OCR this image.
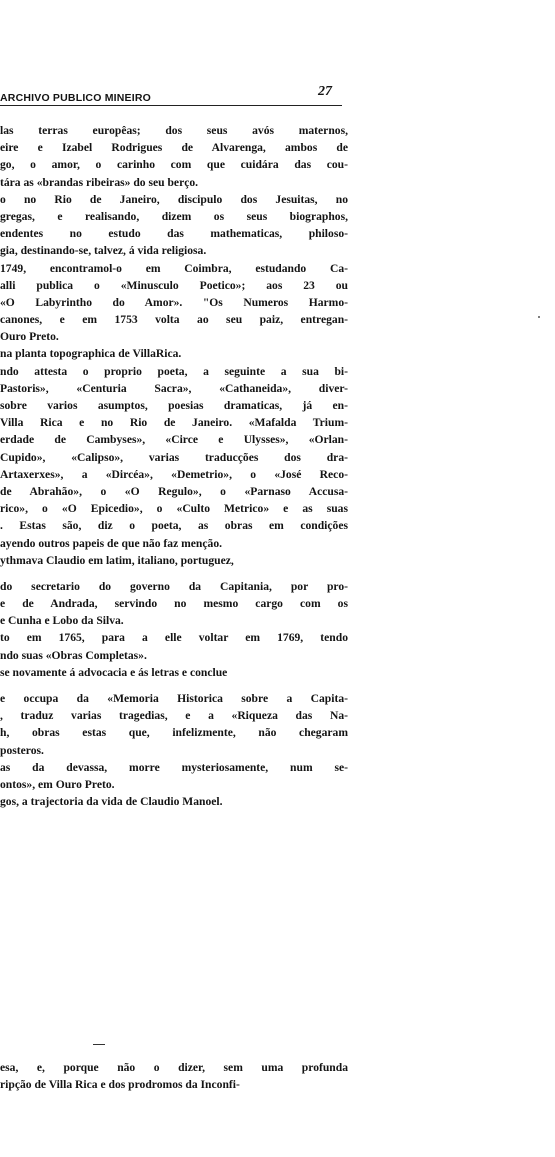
ARCHIVO PUBLICO MINEIRO	27
las terras europêas; dos seus avós maternos,
eire e Izabel Rodrigues de Alvarenga, ambos de
go, o amor, o carinho com que cuidára das cou-
tára as «brandas ribeiras» do seu berço.
o no Rio de Janeiro, discipulo dos Jesuitas, no
gregas, e realisando, dizem os seus biographos,
endentes no estudo das mathematicas, philoso-
gia, destinando-se, talvez, á vida religiosa.
1749, encontramol-o em Coimbra, estudando Ca-
alli publica o «Minusculo Poetico»; aos 23 ou
«O Labyrintho do Amor». "Os Numeros Harmo-
canones, e em 1753 volta ao seu paiz, entregan-
Ouro Preto.
na planta topographica de VillaRica.
ndo attesta o proprio poeta, a seguinte a sua bi-
Pastoris», «Centuria Sacra», «Cathaneida», diver-
sobre varios asumptos, poesias dramaticas, já en-
Villa Rica e no Rio de Janeiro. «Mafalda Trium-
erdade de Cambyses», «Circe e Ulysses», «Orlan-
Cupido», «Calipso», varias traducções dos dra-
Artaxerxes», a «Dircéa», «Demetrio», o «José Reco-
de Abrahão», o «O Regulo», o «Parnaso Accusa-
rico», o «O Epicedio», o «Culto Metrico» e as suas
. Estas são, diz o poeta, as obras em condições
ayendo outros papeis de que não faz menção.
ythmava Claudio em latim, italiano, portuguez,
do secretario do governo da Capitania, por pro-
e de Andrada, servindo no mesmo cargo com os
e Cunha e Lobo da Silva.
to em 1765, para a elle voltar em 1769, tendo
ndo suas «Obras Completas».
se novamente á advocacia e ás letras e conclue
e occupa da «Memoria Historica sobre a Capita-
, traduz varias tragedias, e a «Riqueza das Na-
h, obras estas que, infelizmente, não chegaram
posteros.
as da devassa, morre mysteriosamente, num se-
ontos», em Ouro Preto.
gos, a trajectoria da vida de Claudio Manoel.
esa, e, porque não o dizer, sem uma profunda
ripção de Villa Rica e dos prodromos da Inconfi-
